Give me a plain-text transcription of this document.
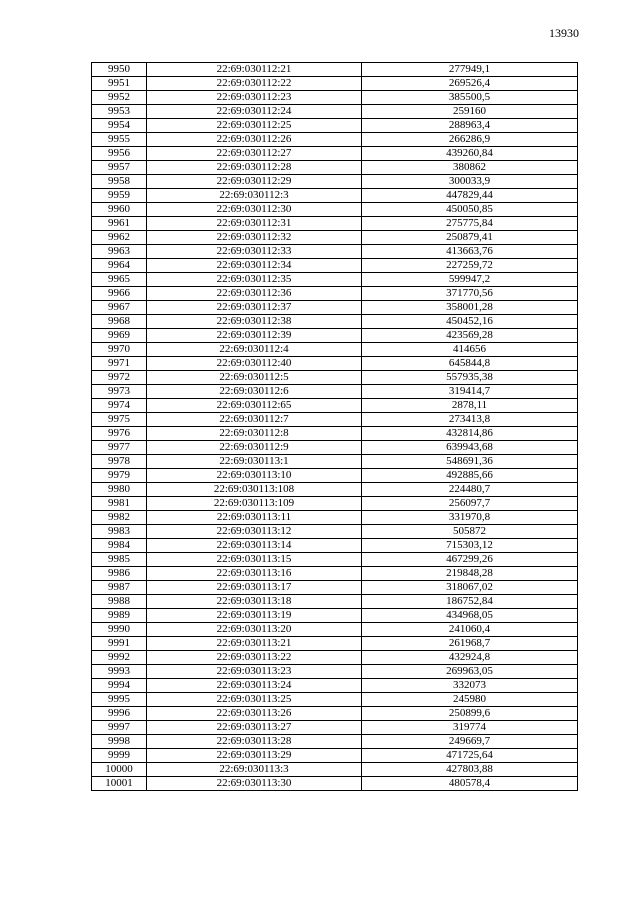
13930
9950	22:69:030112:21	277949,1
9951	22:69:030112:22	269526,4
9952	22:69:030112:23	385500,5
9953	22:69:030112:24	259160
9954	22:69:030112:25	288963,4
9955	22:69:030112:26	266286,9
9956	22:69:030112:27	439260,84
9957	22:69:030112:28	380862
9958	22:69:030112:29	300033,9
9959	22:69:030112:3	447829,44
9960	22:69:030112:30	450050,85
9961	22:69:030112:31	275775,84
9962	22:69:030112:32	250879,41
9963	22:69:030112:33	413663,76
9964	22:69:030112:34	227259,72
9965	22:69:030112:35	599947,2
9966	22:69:030112:36	371770,56
9967	22:69:030112:37	358001,28
9968	22:69:030112:38	450452,16
9969	22:69:030112:39	423569,28
9970	22:69:030112:4	414656
9971	22:69:030112:40	645844,8
9972	22:69:030112:5	557935,38
9973	22:69:030112:6	319414,7
9974	22:69:030112:65	2878,11
9975	22:69:030112:7	273413,8
9976	22:69:030112:8	432814,86
9977	22:69:030112:9	639943,68
9978	22:69:030113:1	548691,36
9979	22:69:030113:10	492885,66
9980	22:69:030113:108	224480,7
9981	22:69:030113:109	256097,7
9982	22:69:030113:11	331970,8
9983	22:69:030113:12	505872
9984	22:69:030113:14	715303,12
9985	22:69:030113:15	467299,26
9986	22:69:030113:16	219848,28
9987	22:69:030113:17	318067,02
9988	22:69:030113:18	186752,84
9989	22:69:030113:19	434968,05
9990	22:69:030113:20	241060,4
9991	22:69:030113:21	261968,7
9992	22:69:030113:22	432924,8
9993	22:69:030113:23	269963,05
9994	22:69:030113:24	332073
9995	22:69:030113:25	245980
9996	22:69:030113:26	250899,6
9997	22:69:030113:27	319774
9998	22:69:030113:28	249669,7
9999	22:69:030113:29	471725,64
10000	22:69:030113:3	427803,88
10001	22:69:030113:30	480578,4
